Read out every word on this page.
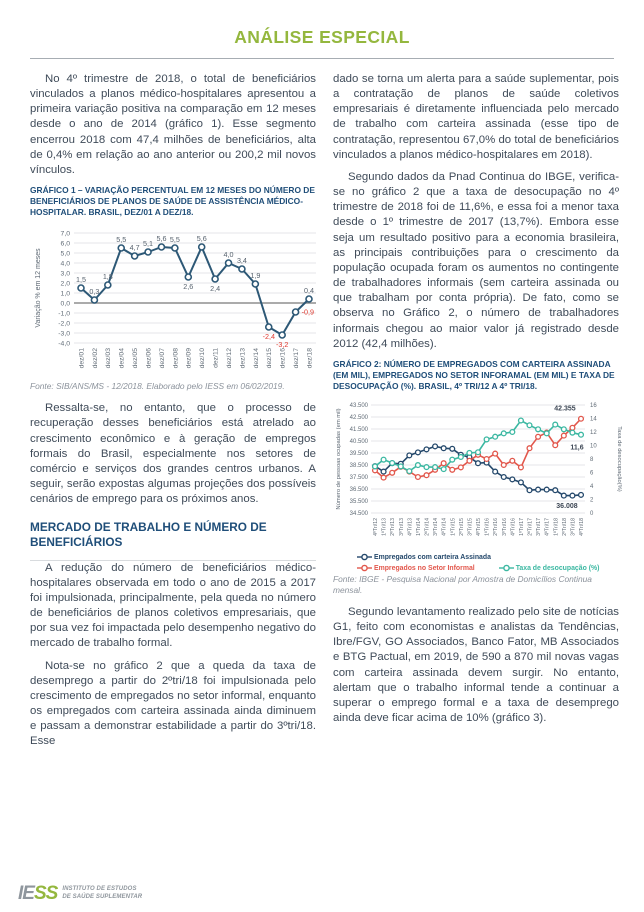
ANÁLISE ESPECIAL

No 4º trimestre de 2018, o total de beneficiários vinculados a planos médico-hospitalares apresentou a primeira variação positiva na comparação em 12 meses desde o ano de 2014 (gráfico 1). Esse segmento encerrou 2018 com 47,4 milhões de beneficiários, alta de 0,4% em relação ao ano anterior ou 200,2 mil novos vínculos.

GRÁFICO 1 – VARIAÇÃO PERCENTUAL EM 12 MESES DO NÚMERO DE BENEFICIÁRIOS DE PLANOS DE SAÚDE DE ASSISTÊNCIA MÉDICO-HOSPITALAR. BRASIL, DEZ/01 A DEZ/18.
-4,0
-3,0
-2,0
-1,0
0,0
1,0
2,0
3,0
4,0
5,0
6,0
7,0
Variação % em 12 meses	1,5
0,3
1,8
5,5
4,7 5,1
5,6 5,5
2,6
5,6
2,4
4,0
3,4
1,9
-2,4
-3,2
-0,9
0,4
dez/01 dez/02 dez/03 dez/04 dez/05 dez/06 dez/07 dez/08 dez/09 dez/10 dez/11 dez/12 dez/13 dez/14 dez/15 dez/16 dez/17 dez/18
Fonte: SIB/ANS/MS - 12/2018. Elaborado pelo IESS em 06/02/2019.

Ressalta-se, no entanto, que o processo de recuperação desses beneficiários está atrelado ao crescimento econômico e à geração de empregos formais do Brasil, especialmente nos setores de comércio e serviços dos grandes centros urbanos. A seguir, serão expostas algumas projeções dos possíveis cenários de emprego para os próximos anos.

MERCADO DE TRABALHO E NÚMERO DE BENEFICIÁRIOS

A redução do número de beneficiários médico-hospitalares observada em todo o ano de 2015 a 2017 foi impulsionada, principalmente, pela queda no número de beneficiários de planos coletivos empresariais, que por sua vez foi impactada pelo desempenho negativo do mercado de trabalho formal.

Nota-se no gráfico 2 que a queda da taxa de desemprego a partir do 2ºtri/18 foi impulsionada pelo crescimento de empregados no setor informal, enquanto os empregados com carteira assinada ainda diminuem e passam a demonstrar estabilidade a partir do 3ºtri/18. Esse

dado se torna um alerta para a saúde suplementar, pois a contratação de planos de saúde coletivos empresariais é diretamente influenciada pelo mercado de trabalho com carteira assinada (esse tipo de contratação, representou 67,0% do total de beneficiários vinculados a planos médico-hospitalares em 2018).

Segundo dados da Pnad Continua do IBGE, verifica-se no gráfico 2 que a taxa de desocupação no 4º trimestre de 2018 foi de 11,6%, e essa foi a menor taxa desde o 1º trimestre de 2017 (13,7%). Embora esse seja um resultado positivo para a economia brasileira, as principais contribuições para o crescimento da população ocupada foram os aumentos no contingente de trabalhadores informais (sem carteira assinada ou que trabalham por conta própria). De fato, como se observa no Gráfico 2, o número de trabalhadores informais chegou ao maior valor já registrado desde 2012 (42,4 milhões).

GRÁFICO 2: NÚMERO DE EMPREGADOS COM CARTEIRA ASSINADA (EM MIL), EMPREGADOS NO SETOR INFORAMAL (EM MIL) E TAXA DE DESOCUPAÇÃO (%). BRASIL, 4º TRI/12 A 4º TRI/18.
34.500
35.500
36.500
37.500
38.500
39.500
40.500
41.500
42.500
43.500
0
2
4
6
8
10
12
14
16
Número de pessoas ocupadas (em mil)	Taxa de desocupação(%)
4ºTri/12 1ºTri/13 2ºTri/13 3ºTri/13 4ºTri/13 1ºTri/14 2ºTri/14 3ºTri/14 4ºTri/14 1ºTri/15 2ºTri/15 3ºTri/15 4ºTri/15 1ºTri/16 2ºTri/16 3ºTri/16 4ºTri/16 1ºTri/17 2ºTri/17 3ºTri/17 4ºTri/17 1ºTri/18 2ºTri/18 3ºTri/18 4ºTri/18
42.355
11,6
36.008
Empregados com carteira Assinada
Empregados no Setor Informal	Taxa de desocupação (%)
Fonte: IBGE - Pesquisa Nacional por Amostra de Domicílios Continua mensal.

Segundo levantamento realizado pelo site de notícias G1, feito com economistas e analistas da Tendências, Ibre/FGV, GO Associados, Banco Fator, MB Associados e BTG Pactual, em 2019, de 590 a 870 mil novas vagas com carteira assinada devem surgir. No entanto, alertam que o trabalho informal tende a continuar a superar o emprego formal e a taxa de desemprego ainda deve ficar acima de 10% (gráfico 3).

IESS INSTITUTO DE ESTUDOS
DE SAÚDE SUPLEMENTAR
